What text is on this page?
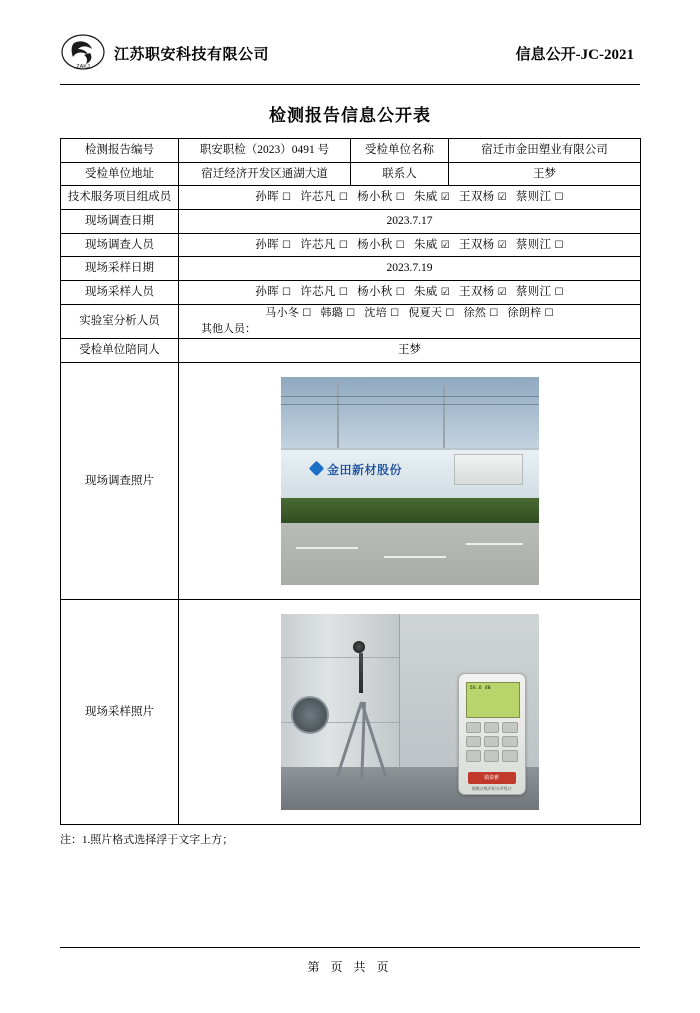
ZAKJ
江苏职安科技有限公司	信息公开-JC-2021
检测报告信息公开表
检测报告编号	职安职检（2023）0491 号	受检单位名称	宿迁市金田塑业有限公司
受检单位地址	宿迁经济开发区通湖大道	联系人	王梦
技术服务项目组成员	孙晖 ☐ 许芯凡 ☐ 杨小秋 ☐ 朱威 ☑ 王双杨 ☑ 蔡则江 ☐		
现场调查日期	2023.7.17		
现场调查人员	孙晖 ☐ 许芯凡 ☐ 杨小秋 ☐ 朱威 ☑ 王双杨 ☑ 蔡则江 ☐		
现场采样日期	2023.7.19		
现场采样人员	孙晖 ☐ 许芯凡 ☐ 杨小秋 ☐ 朱威 ☑ 王双杨 ☑ 蔡则江 ☐		
实验室分析人员	马小冬 ☐ 韩璐 ☐ 沈培 ☐ 倪夏天 ☐ 徐然 ☐ 徐朗梓 ☐
其他人员：		

受检单位陪同人	王梦		
现场调查照片	金田新材股份		

现场采样照片	58.6 dB
镇泰雅
便携式噪声积分声级计		
注：1.照片格式选择浮于文字上方；
第 页 共 页
